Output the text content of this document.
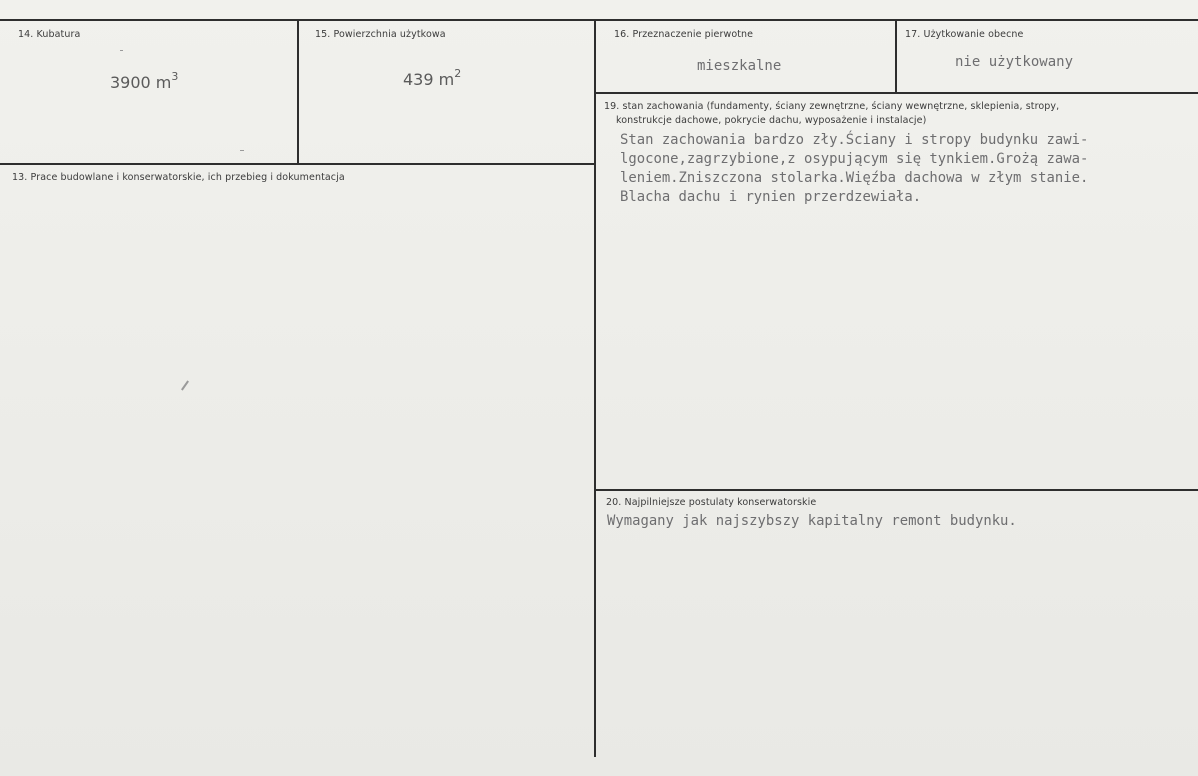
14. Kubatura
3900 $m^3$
15. Powierzchnia użytkowa
439 $m^2$
16. Przeznaczenie pierwotne
mieszkalne
17. Użytkowanie obecne
nie użytkowany
13. Prace budowlane i konserwatorskie, ich przebieg i dokumentacja
19. stan zachowania (fundamenty, ściany zewnętrzne, ściany wewnętrzne, sklepienia, stropy,
konstrukcje dachowe, pokrycie dachu, wyposażenie i instalacje)
Stan zachowania bardzo zły.Ściany i stropy budynku zawi-
lgocone,zagrzybione,z osypującym się tynkiem.Grożą zawa-
leniem.Zniszczona stolarka.Więźba dachowa w złym stanie.
Blacha dachu i rynien przerdzewiała.
20. Najpilniejsze postulaty konserwatorskie
Wymagany jak najszybszy kapitalny remont budynku.
